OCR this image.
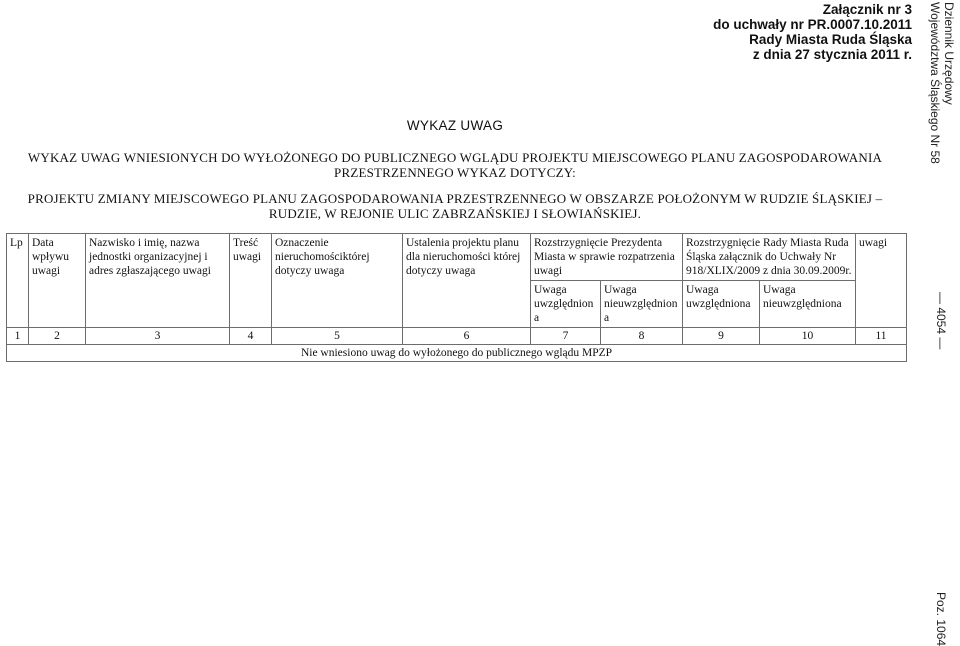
Załącznik nr 3
do uchwały nr PR.0007.10.2011
Rady Miasta Ruda Śląska
z dnia 27 stycznia 2011 r.
WYKAZ UWAG
WYKAZ UWAG WNIESIONYCH DO WYŁOŻONEGO DO PUBLICZNEGO WGLĄDU PROJEKTU MIEJSCOWEGO PLANU ZAGOSPODAROWANIA
PRZESTRZENNEGO WYKAZ DOTYCZY:
PROJEKTU ZMIANY MIEJSCOWEGO PLANU ZAGOSPODAROWANIA PRZESTRZENNEGO W OBSZARZE POŁOŻONYM W RUDZIE ŚLĄSKIEJ –
RUDZIE, W REJONIE ULIC ZABRZAŃSKIEJ I SŁOWIAŃSKIEJ.
Lp	Data wpływu uwagi	Nazwisko i imię, nazwa jednostki organizacyjnej i adres zgłaszającego uwagi	Treść uwagi	Oznaczenie nieruchomościktórej dotyczy uwaga	Ustalenia projektu planu dla nieruchomości której dotyczy uwaga	Rozstrzygnięcie Prezydenta Miasta w sprawie rozpatrzenia uwagi		Rozstrzygnięcie Rady Miasta Ruda Śląska załącznik do Uchwały Nr 918/XLIX/2009 z dnia 30.09.2009r.		uwagi
						Uwaga uwzględniona	Uwaga nieuwzględniona	Uwaga uwzględniona	Uwaga nieuwzględniona	
1	2	3	4	5	6	7	8	9	10	11
Nie wniesiono uwag do wyłożonego do publicznego wglądu MPZP										
Dziennik Urzędowy
Województwa Śląskiego Nr 58
— 4054 —
Poz. 1064
